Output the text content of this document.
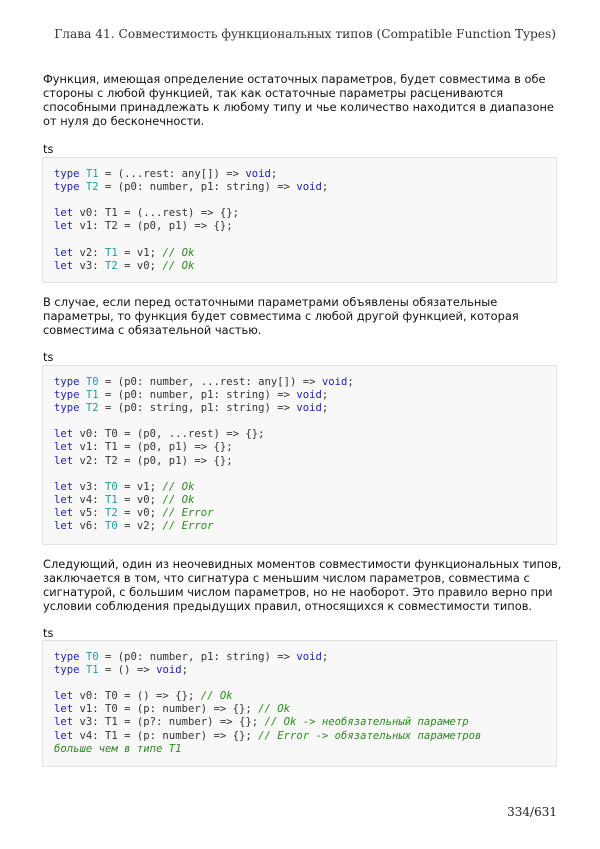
Глава 41. Совместимость функциональных типов (Compatible Function Types)
Функция, имеющая определение остаточных параметров, будет совместима в обе стороны с любой функцией, так как остаточные параметры расцениваются способными принадлежать к любому типу и чье количество находится в диапазоне от нуля до бесконечности.
ts
type T1 = (...rest: any[]) => void;
type T2 = (p0: number, p1: string) => void;
let v0: T1 = (...rest) => {};
let v1: T2 = (p0, p1) => {};
let v2: T1 = v1; // Ok
let v3: T2 = v0; // Ok
В случае, если перед остаточными параметрами объявлены обязательные параметры, то функция будет совместима с любой другой функцией, которая совместима с обязательной частью.
ts
type T0 = (p0: number, ...rest: any[]) => void;
type T1 = (p0: number, p1: string) => void;
type T2 = (p0: string, p1: string) => void;
let v0: T0 = (p0, ...rest) => {};
let v1: T1 = (p0, p1) => {};
let v2: T2 = (p0, p1) => {};
let v3: T0 = v1; // Ok
let v4: T1 = v0; // Ok
let v5: T2 = v0; // Error
let v6: T0 = v2; // Error
Следующий, один из неочевидных моментов совместимости функциональных типов, заключается в том, что сигнатура с меньшим числом параметров, совместима с сигнатурой, с большим числом параметров, но не наоборот. Это правило верно при условии соблюдения предыдущих правил, относящихся к совместимости типов.
ts
type T0 = (p0: number, p1: string) => void;
type T1 = () => void;
let v0: T0 = () => {}; // Ok
let v1: T0 = (p: number) => {}; // Ok
let v3: T1 = (p?: number) => {}; // Ok -> необязательный параметр
let v4: T1 = (p: number) => {}; // Error -> обязательных параметров
больше чем в типе T1
334/631
